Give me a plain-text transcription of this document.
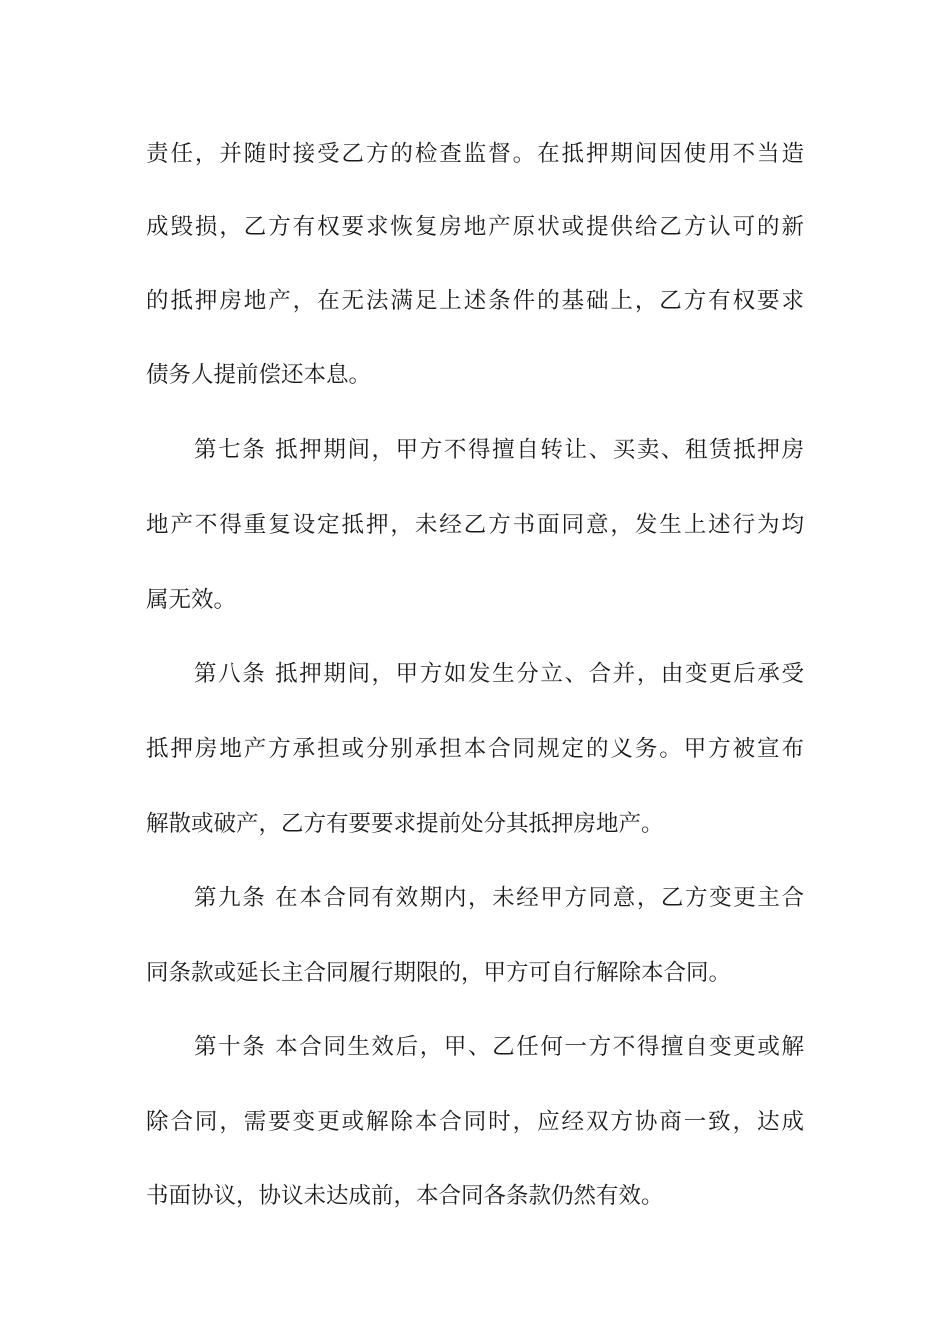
责任，并随时接受乙方的检查监督。在抵押期间因使用不当造
成毁损，乙方有权要求恢复房地产原状或提供给乙方认可的新
的抵押房地产，在无法满足上述条件的基础上，乙方有权要求
债务人提前偿还本息。
第七条 抵押期间，甲方不得擅自转让、买卖、租赁抵押房
地产不得重复设定抵押，未经乙方书面同意，发生上述行为均
属无效。
第八条 抵押期间，甲方如发生分立、合并，由变更后承受
抵押房地产方承担或分别承担本合同规定的义务。甲方被宣布
解散或破产，乙方有要要求提前处分其抵押房地产。
第九条 在本合同有效期内，未经甲方同意，乙方变更主合
同条款或延长主合同履行期限的，甲方可自行解除本合同。
第十条 本合同生效后，甲、乙任何一方不得擅自变更或解
除合同，需要变更或解除本合同时，应经双方协商一致，达成
书面协议，协议未达成前，本合同各条款仍然有效。
